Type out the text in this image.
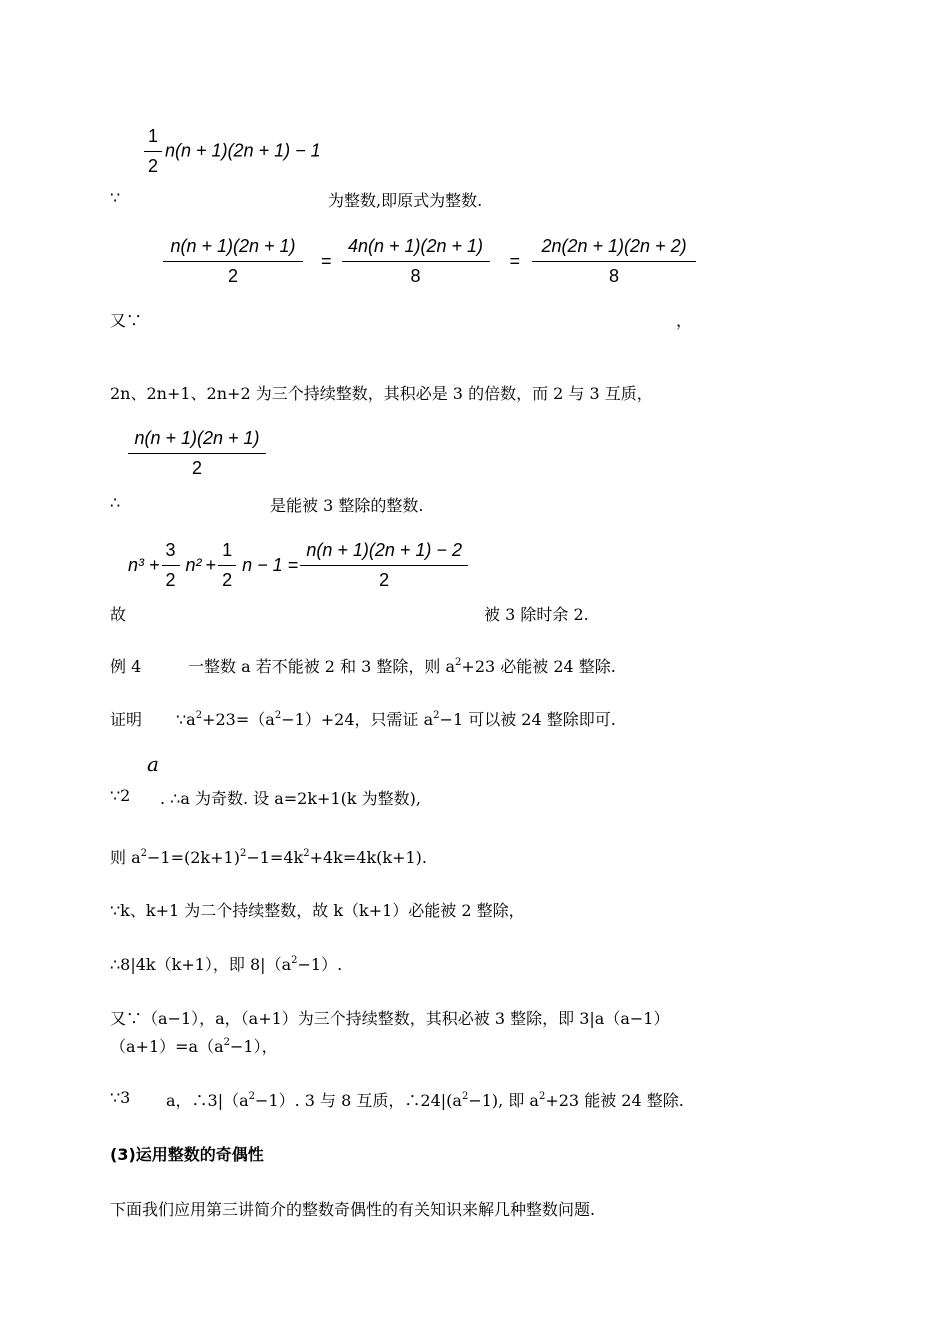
$\frac{1}{2} n(n + 1)(2n + 1) - 1$
∵	为整数,即原式为整数.
$\frac{n(n + 1)(2n + 1)}{2} = \frac{4n(n + 1)(2n + 1)}{8} = \frac{2n(2n + 1)(2n + 2)}{8}$
又∵	，
2n、2n+1、2n+2 为三个持续整数，其积必是 3 的倍数，而 2 与 3 互质，
$\frac{n(n + 1)(2n + 1)}{2}$
∴	是能被 3 整除的整数.
$n^3 + \frac{3}{2} n^2 + \frac{1}{2}$ $n - 1 = \frac{n(n + 1)(2n + 1) - 2}{2}$
故	被 3 除时余 2.
例 4	一整数 a 若不能被 2 和 3 整除，则 $a^2+23$ 必能被 24 整除.
证明 $\because a^2+23=(a^2-1)+24$，只需证 $a^2-1$ 可以被 24 整除即可.
a
∵2 . ∴a 为奇数. 设 a=2k+1(k 为整数),
则 $a^2-1=(2k+1)^2-1=4k^2+4k=4k(k+1)$.
∵k、k+1 为二个持续整数，故 k（k+1）必能被 2 整除，
∴8|4k（k+1），即 $8|(a^2-1)$.
又∵（a−1），a，（a+1）为三个持续整数，其积必被 3 整除，即 3|a（a−1）
$(a+1)=a(a^2-1)$，
∵3 a，$\therefore 3|(a^2-1)$. 3 与 8 互质，$\therefore 24|(a^2-1)$, 即 $a^2+23$ 能被 24 整除.
(3)运用整数的奇偶性
下面我们应用第三讲简介的整数奇偶性的有关知识来解几种整数问题.
